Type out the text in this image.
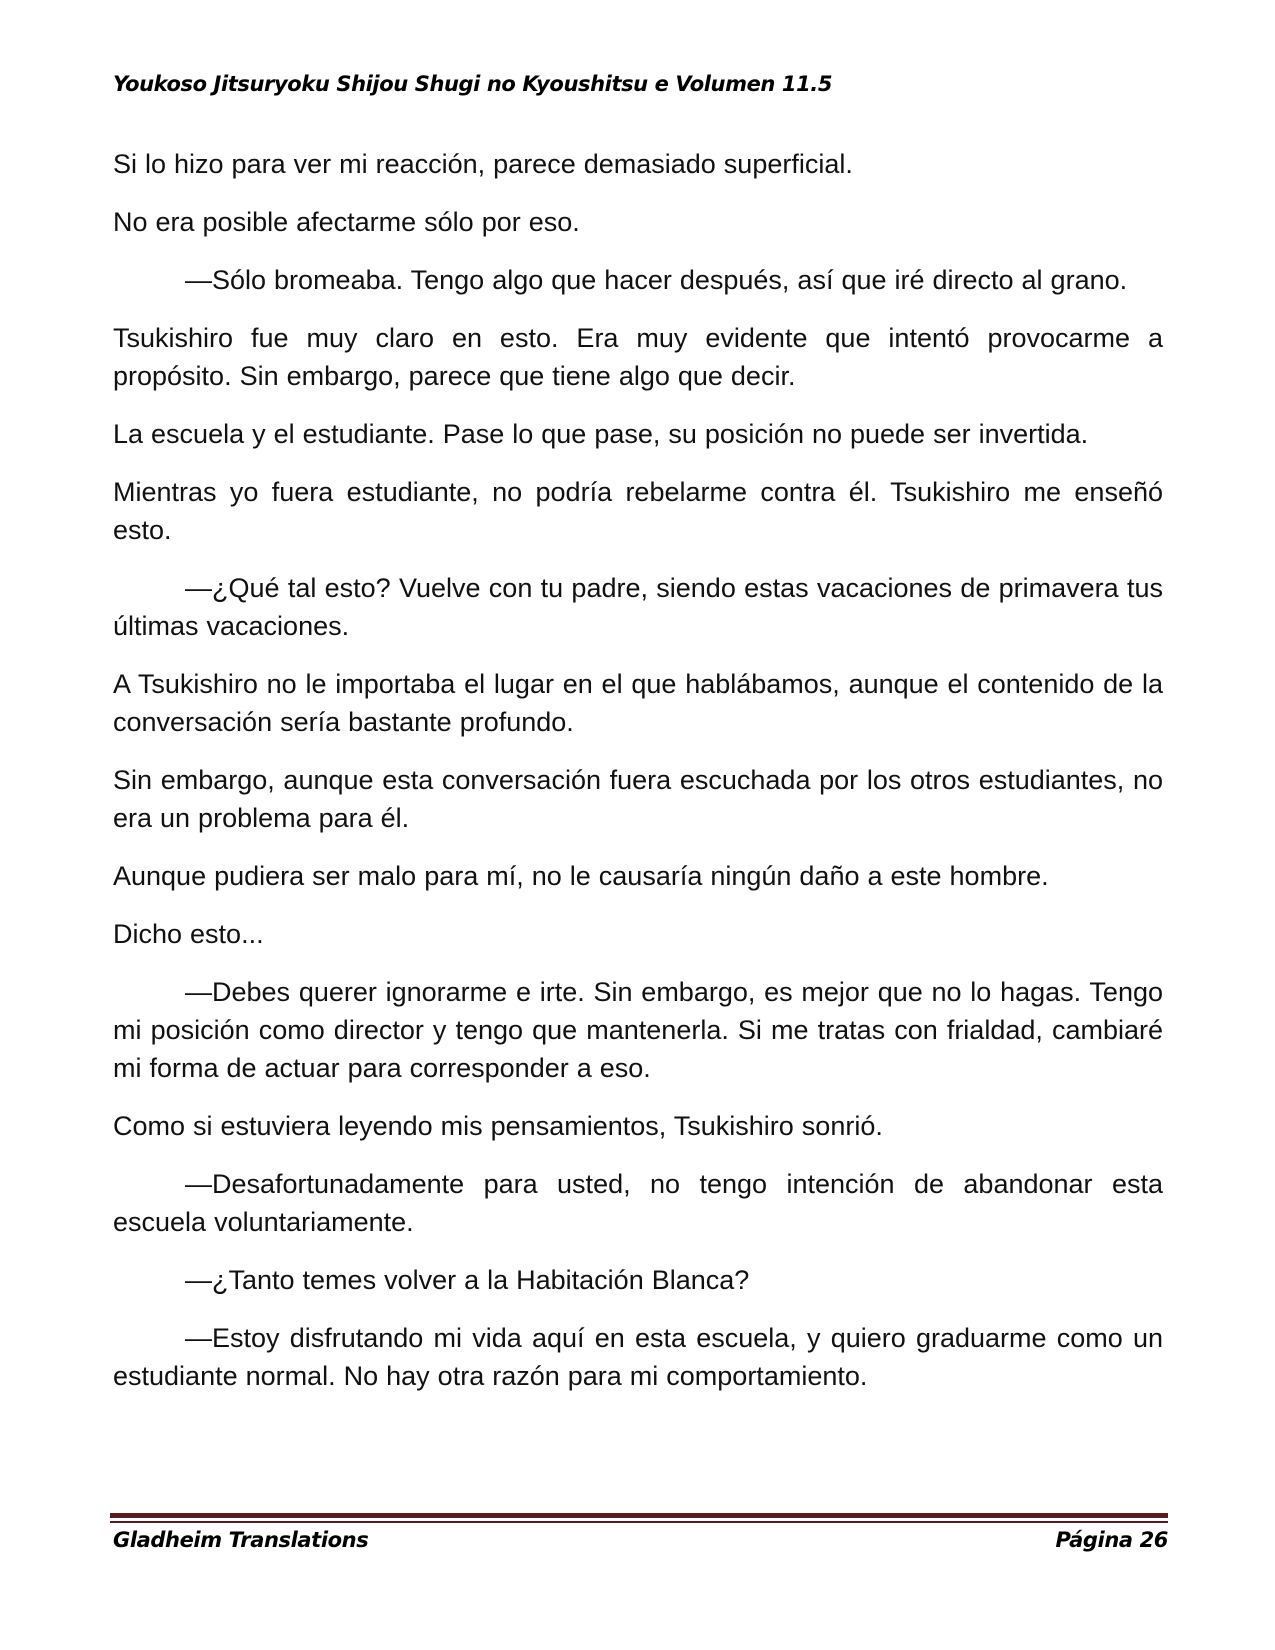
Youkoso Jitsuryoku Shijou Shugi no Kyoushitsu e Volumen 11.5

Si lo hizo para ver mi reacción, parece demasiado superficial.

No era posible afectarme sólo por eso.

—Sólo bromeaba. Tengo algo que hacer después, así que iré directo al grano.

Tsukishiro fue muy claro en esto. Era muy evidente que intentó provocarme a propósito. Sin embargo, parece que tiene algo que decir.

La escuela y el estudiante. Pase lo que pase, su posición no puede ser invertida.

Mientras yo fuera estudiante, no podría rebelarme contra él. Tsukishiro me enseñó esto.

—¿Qué tal esto? Vuelve con tu padre, siendo estas vacaciones de primavera tus últimas vacaciones.

A Tsukishiro no le importaba el lugar en el que hablábamos, aunque el contenido de la conversación sería bastante profundo.

Sin embargo, aunque esta conversación fuera escuchada por los otros estudiantes, no era un problema para él.

Aunque pudiera ser malo para mí, no le causaría ningún daño a este hombre.

Dicho esto...

—Debes querer ignorarme e irte. Sin embargo, es mejor que no lo hagas. Tengo mi posición como director y tengo que mantenerla. Si me tratas con frialdad, cambiaré mi forma de actuar para corresponder a eso.

Como si estuviera leyendo mis pensamientos, Tsukishiro sonrió.

—Desafortunadamente para usted, no tengo intención de abandonar esta escuela voluntariamente.

—¿Tanto temes volver a la Habitación Blanca?

—Estoy disfrutando mi vida aquí en esta escuela, y quiero graduarme como un estudiante normal. No hay otra razón para mi comportamiento.

Gladheim Translations	Página 26
